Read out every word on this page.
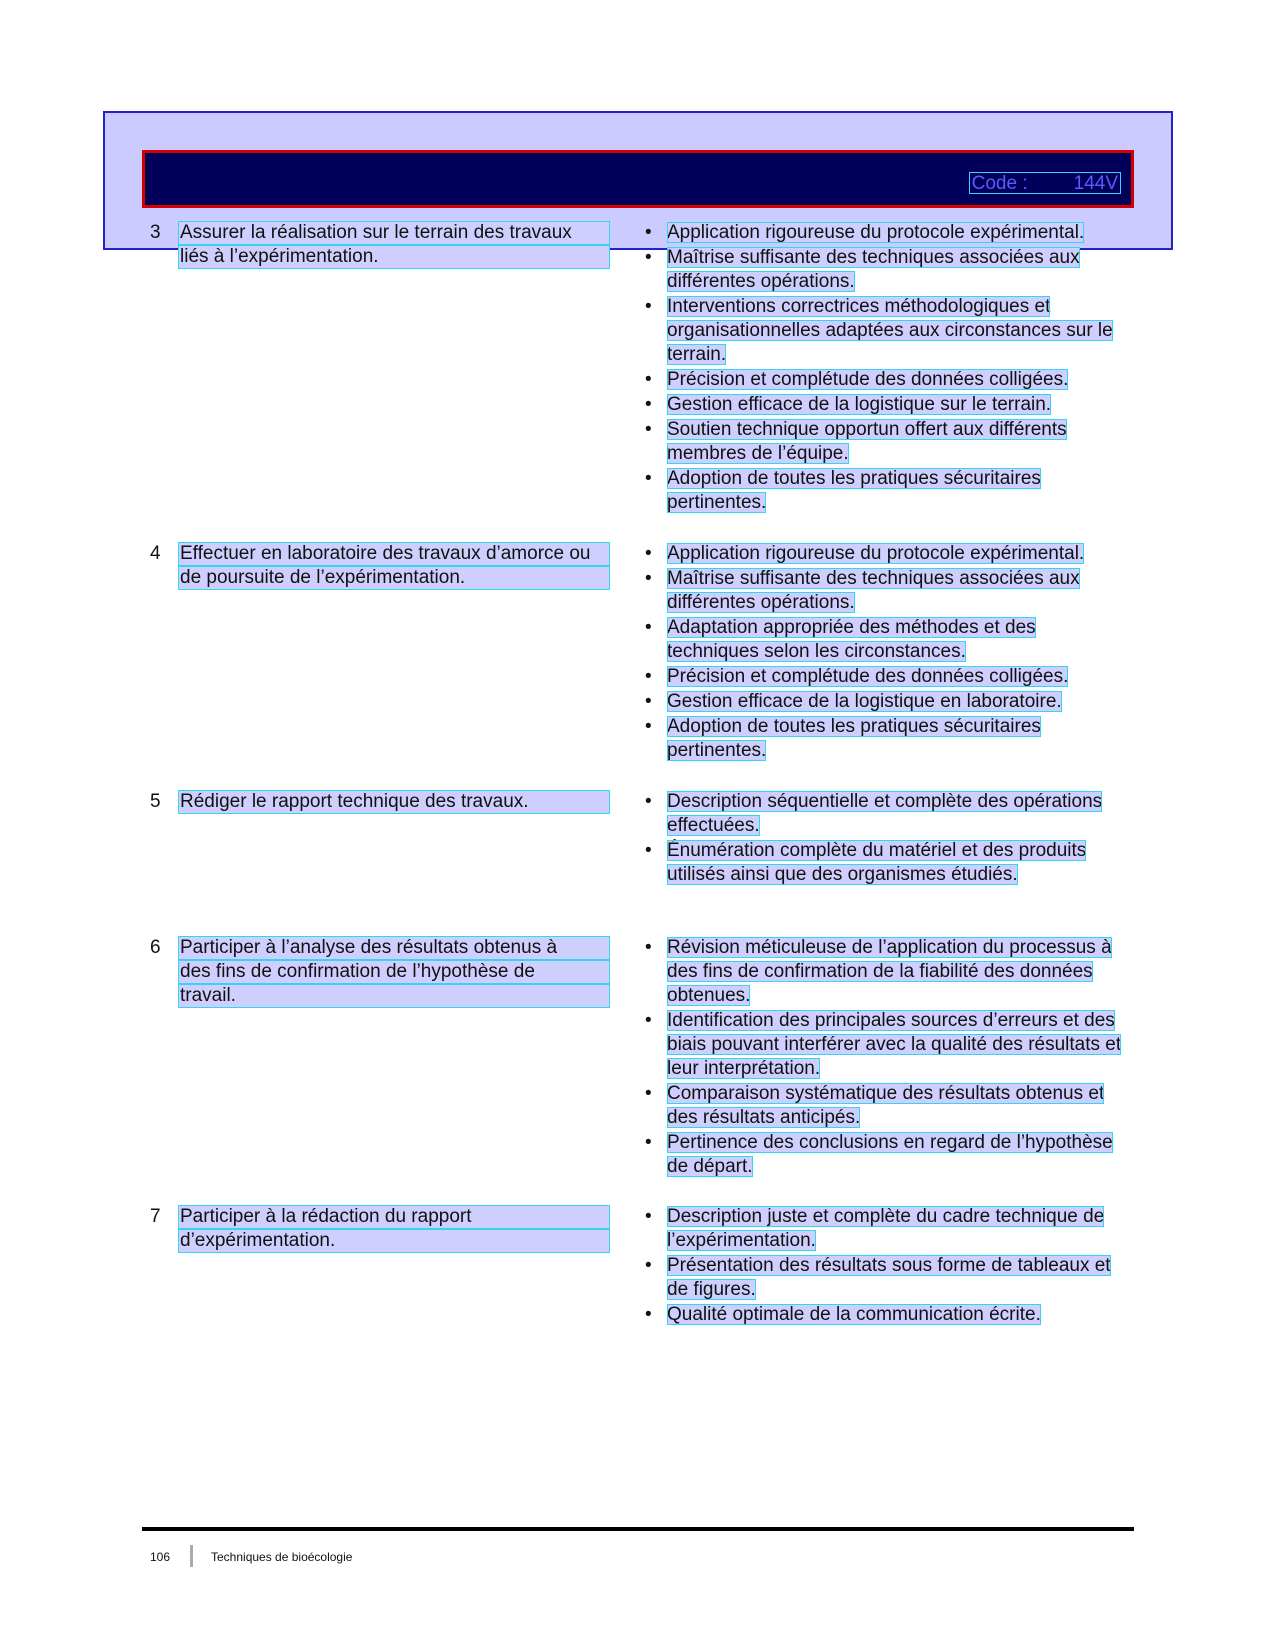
Code : 144V
3	Assurer la réalisation sur le terrain des travaux
liés à l’expérimentation.
• Application rigoureuse du protocole expérimental.
• Maîtrise suffisante des techniques associées aux différentes opérations.
• Interventions correctrices méthodologiques et organisationnelles adaptées aux circonstances sur le terrain.
• Précision et complétude des données colligées.
• Gestion efficace de la logistique sur le terrain.
• Soutien technique opportun offert aux différents membres de l’équipe.
• Adoption de toutes les pratiques sécuritaires pertinentes.
4	Effectuer en laboratoire des travaux d’amorce ou
de poursuite de l’expérimentation.
• Application rigoureuse du protocole expérimental.
• Maîtrise suffisante des techniques associées aux différentes opérations.
• Adaptation appropriée des méthodes et des techniques selon les circonstances.
• Précision et complétude des données colligées.
• Gestion efficace de la logistique en laboratoire.
• Adoption de toutes les pratiques sécuritaires pertinentes.
5	Rédiger le rapport technique des travaux.	• Description séquentielle et complète des opérations effectuées.
• Énumération complète du matériel et des produits utilisés ainsi que des organismes étudiés.
6	Participer à l’analyse des résultats obtenus à
des fins de confirmation de l’hypothèse de
travail.
• Révision méticuleuse de l’application du processus à des fins de confirmation de la fiabilité des données obtenues.
• Identification des principales sources d’erreurs et des biais pouvant interférer avec la qualité des résultats et leur interprétation.
• Comparaison systématique des résultats obtenus et des résultats anticipés.
• Pertinence des conclusions en regard de l’hypothèse de départ.
7	Participer à la rédaction du rapport
d’expérimentation.
• Description juste et complète du cadre technique de l’expérimentation.
• Présentation des résultats sous forme de tableaux et de figures.
• Qualité optimale de la communication écrite.
106	Techniques de bioécologie
